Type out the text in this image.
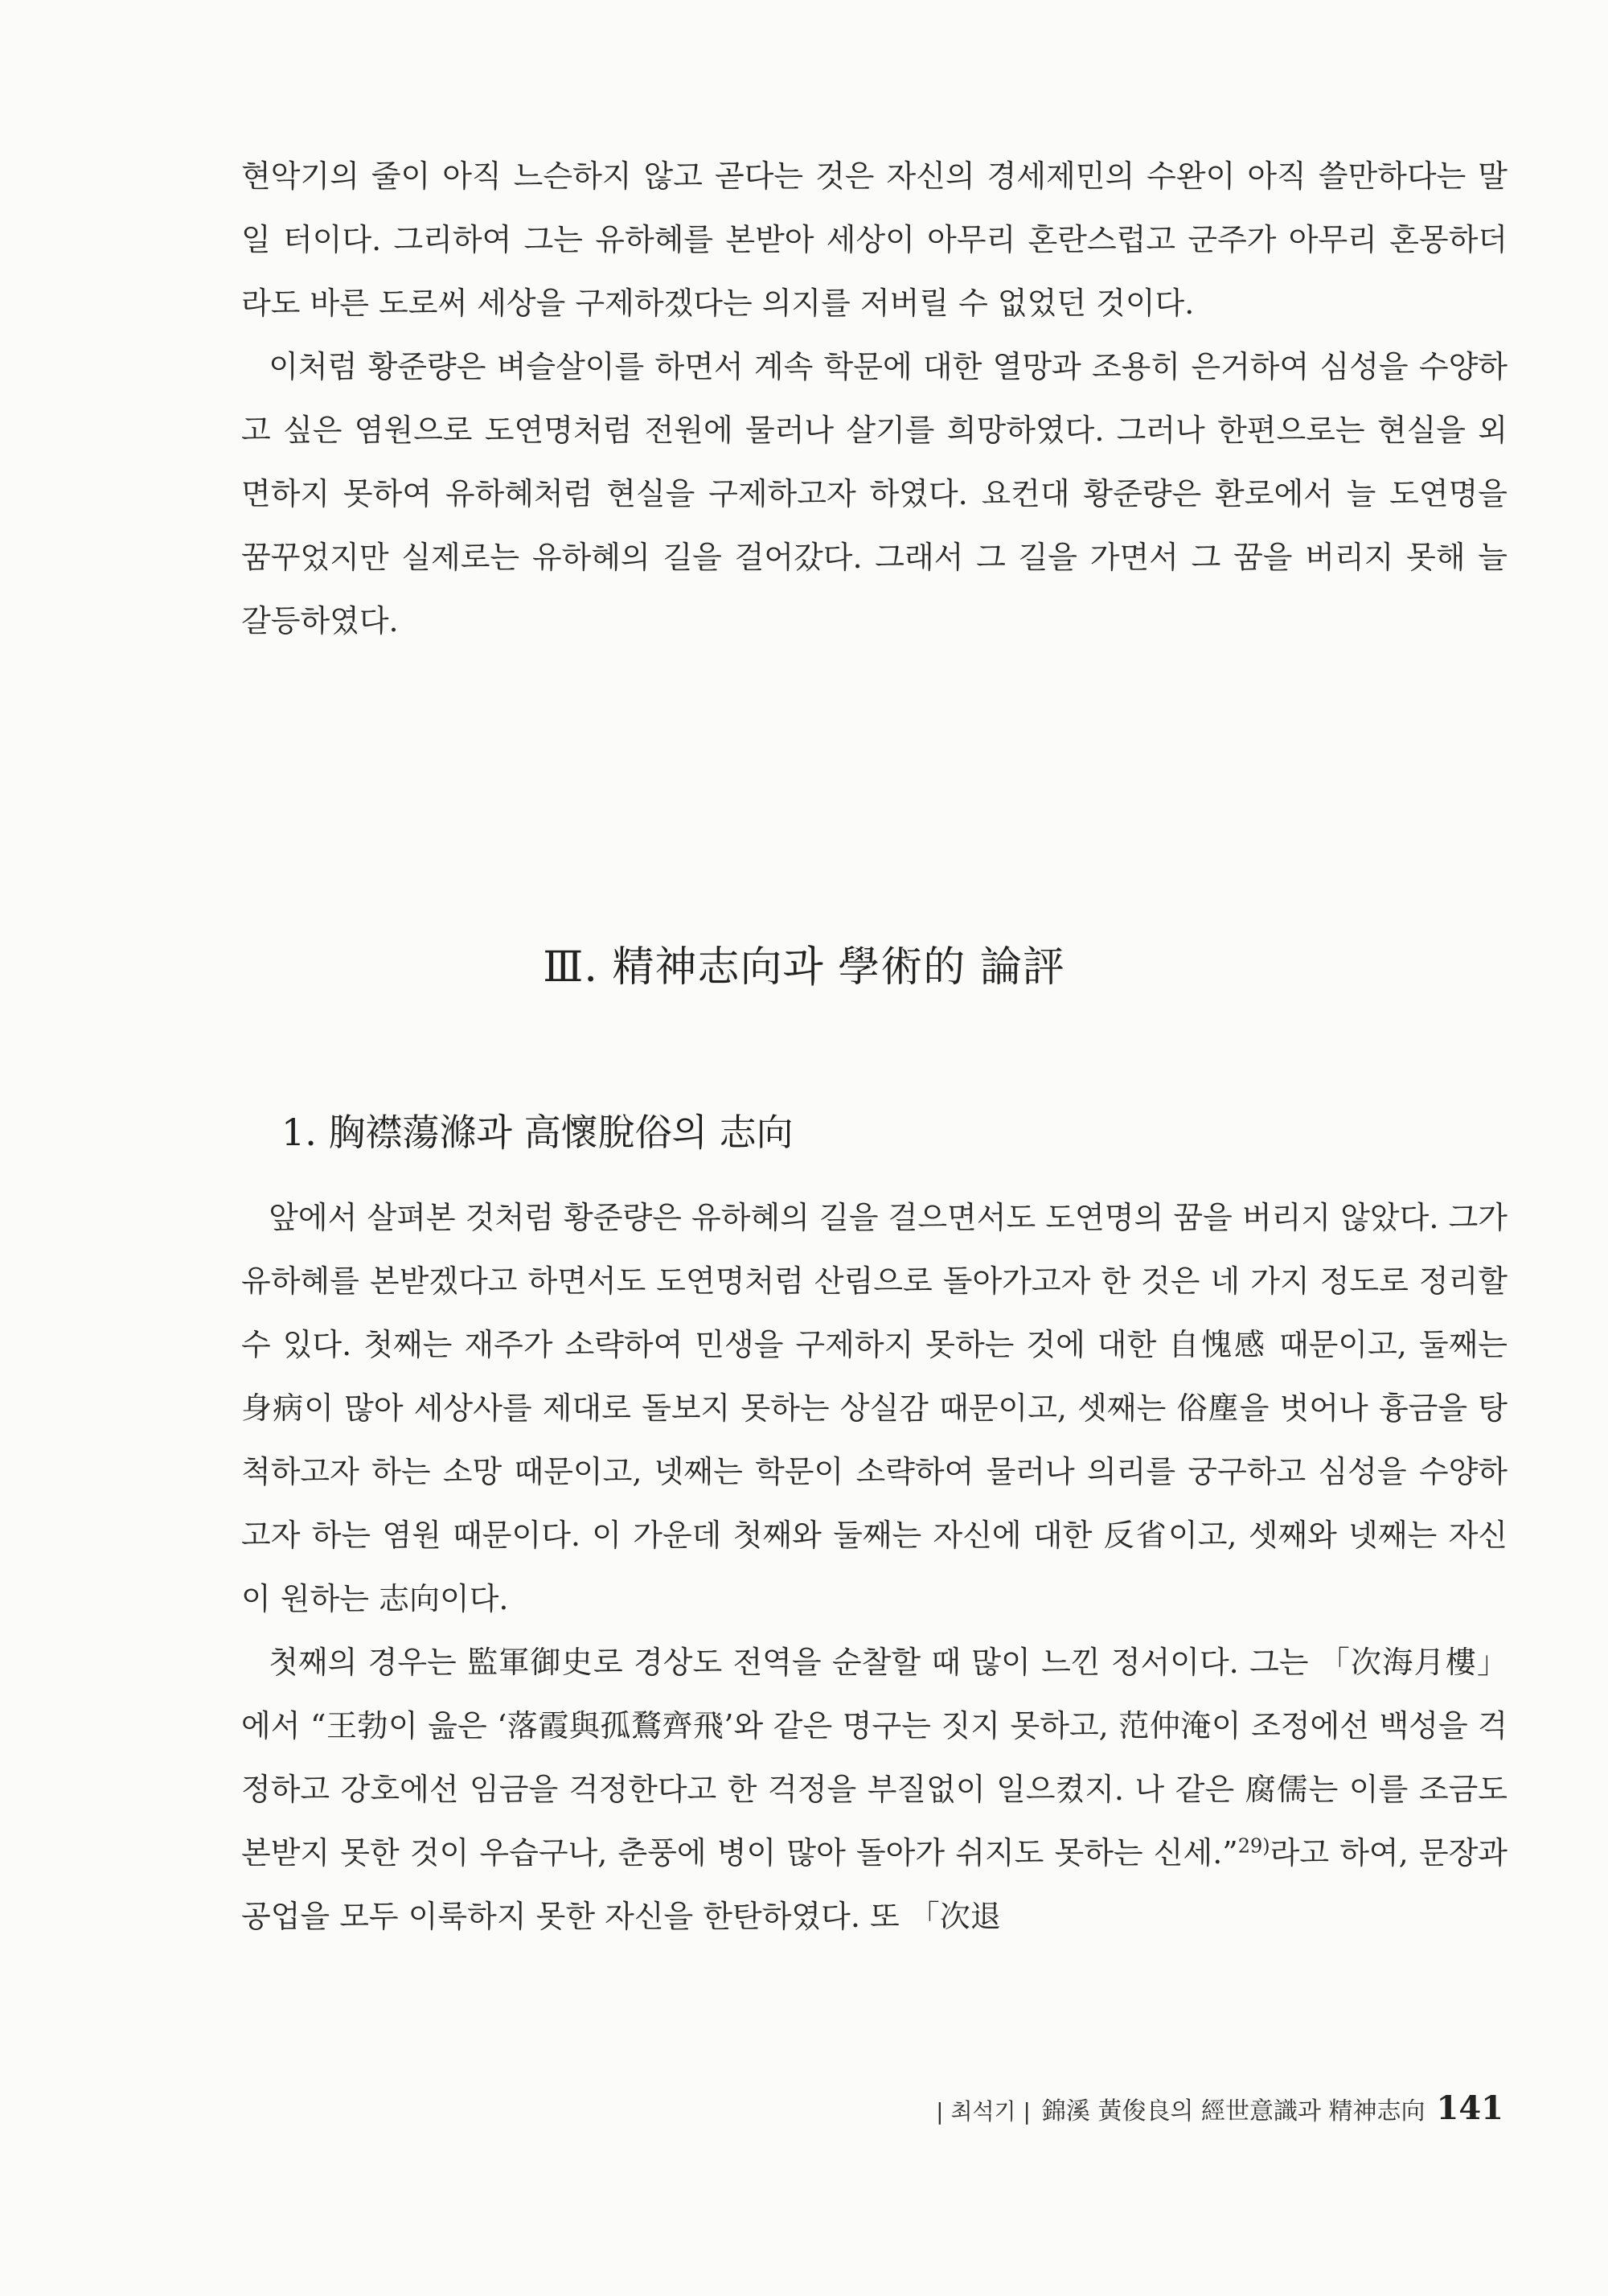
현악기의 줄이 아직 느슨하지 않고 곧다는 것은 자신의 경세제민의 수완이 아직 쓸만하다는 말일 터이다. 그리하여 그는 유하혜를 본받아 세상이 아무리 혼란스럽고 군주가 아무리 혼몽하더라도 바른 도로써 세상을 구제하겠다는 의지를 저버릴 수 없었던 것이다.

이처럼 황준량은 벼슬살이를 하면서 계속 학문에 대한 열망과 조용히 은거하여 심성을 수양하고 싶은 염원으로 도연명처럼 전원에 물러나 살기를 희망하였다. 그러나 한편으로는 현실을 외면하지 못하여 유하혜처럼 현실을 구제하고자 하였다. 요컨대 황준량은 환로에서 늘 도연명을 꿈꾸었지만 실제로는 유하혜의 길을 걸어갔다. 그래서 그 길을 가면서 그 꿈을 버리지 못해 늘 갈등하였다.

Ⅲ. 精神志向과 學術的 論評
1. 胸襟蕩滌과 高懷脫俗의 志向

앞에서 살펴본 것처럼 황준량은 유하혜의 길을 걸으면서도 도연명의 꿈을 버리지 않았다. 그가 유하혜를 본받겠다고 하면서도 도연명처럼 산림으로 돌아가고자 한 것은 네 가지 정도로 정리할 수 있다. 첫째는 재주가 소략하여 민생을 구제하지 못하는 것에 대한 自愧感 때문이고, 둘째는 身病이 많아 세상사를 제대로 돌보지 못하는 상실감 때문이고, 셋째는 俗塵을 벗어나 흉금을 탕척하고자 하는 소망 때문이고, 넷째는 학문이 소략하여 물러나 의리를 궁구하고 심성을 수양하고자 하는 염원 때문이다. 이 가운데 첫째와 둘째는 자신에 대한 反省이고, 셋째와 넷째는 자신이 원하는 志向이다.

첫째의 경우는 監軍御史로 경상도 전역을 순찰할 때 많이 느낀 정서이다. 그는 「次海月樓」에서 “王勃이 읊은 ‘落霞與孤鶩齊飛’와 같은 명구는 짓지 못하고, 范仲淹이 조정에선 백성을 걱정하고 강호에선 임금을 걱정한다고 한 걱정을 부질없이 일으켰지. 나 같은 腐儒는 이를 조금도 본받지 못한 것이 우습구나, 춘풍에 병이 많아 돌아가 쉬지도 못하는 신세.”$^{29)}$라고 하여, 문장과 공업을 모두 이룩하지 못한 자신을 한탄하였다. 또 「次退

| 최석기 | 錦溪 黃俊良의 經世意識과 精神志向 141
